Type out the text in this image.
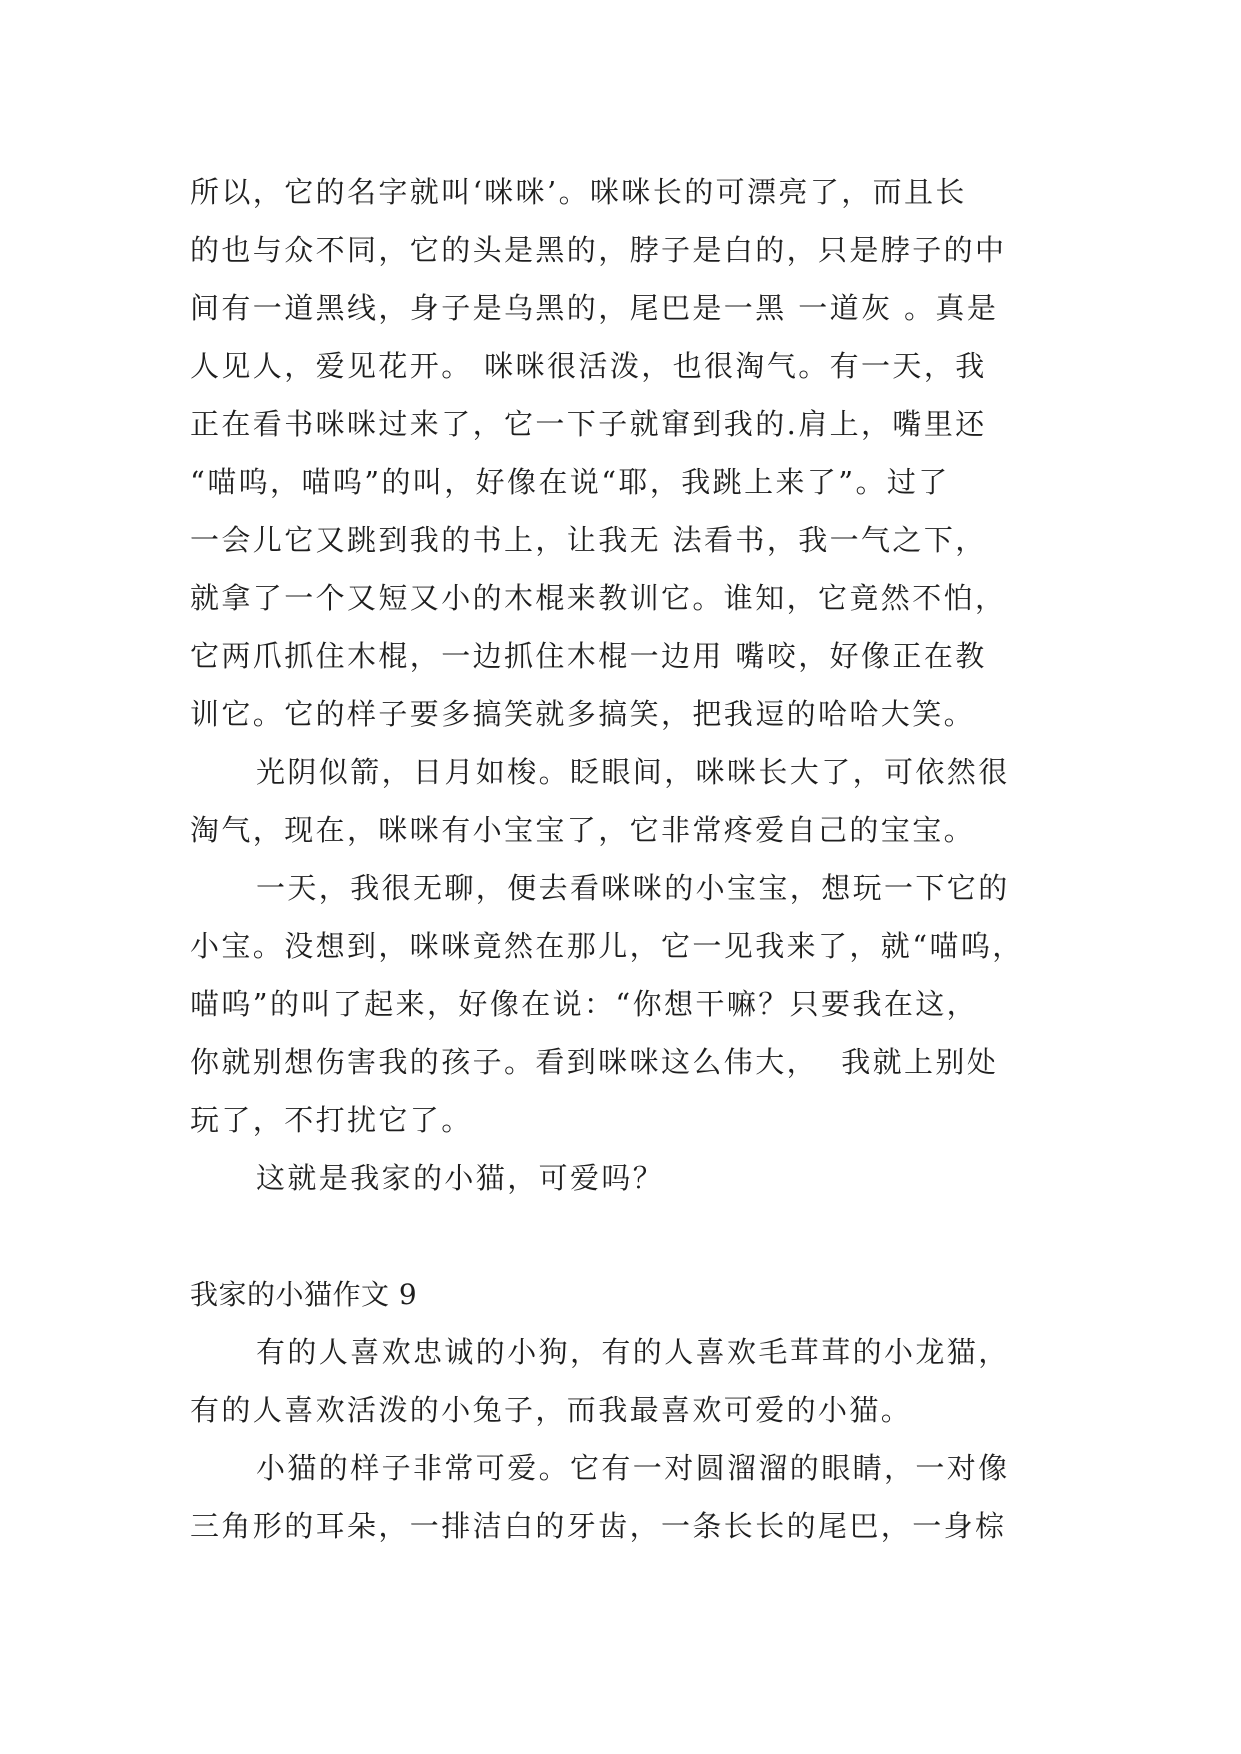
所以，它的名字就叫‘咪咪’。咪咪长的可漂亮了，而且长
的也与众不同，它的头是黑的，脖子是白的，只是脖子的中
间有一道黑线，身子是乌黑的，尾巴是一黑 一道灰 。真是
人见人，爱见花开。 咪咪很活泼，也很淘气。有一天，我
正在看书咪咪过来了，它一下子就窜到我的.肩上，嘴里还
“喵呜，喵呜”的叫，好像在说“耶，我跳上来了”。过了
一会儿它又跳到我的书上，让我无 法看书，我一气之下，
就拿了一个又短又小的木棍来教训它。谁知，它竟然不怕，
它两爪抓住木棍，一边抓住木棍一边用 嘴咬，好像正在教
训它。它的样子要多搞笑就多搞笑，把我逗的哈哈大笑。
光阴似箭，日月如梭。眨眼间，咪咪长大了，可依然很
淘气，现在，咪咪有小宝宝了，它非常疼爱自己的宝宝。
一天，我很无聊，便去看咪咪的小宝宝，想玩一下它的
小宝。没想到，咪咪竟然在那儿，它一见我来了，就“喵呜，
喵呜”的叫了起来，好像在说：“你想干嘛？只要我在这，
你就别想伤害我的孩子。看到咪咪这么伟大，  我就上别处
玩了，不打扰它了。
这就是我家的小猫，可爱吗？
我家的小猫作文 9
有的人喜欢忠诚的小狗，有的人喜欢毛茸茸的小龙猫，
有的人喜欢活泼的小兔子，而我最喜欢可爱的小猫。
小猫的样子非常可爱。它有一对圆溜溜的眼睛，一对像
三角形的耳朵，一排洁白的牙齿，一条长长的尾巴，一身棕
